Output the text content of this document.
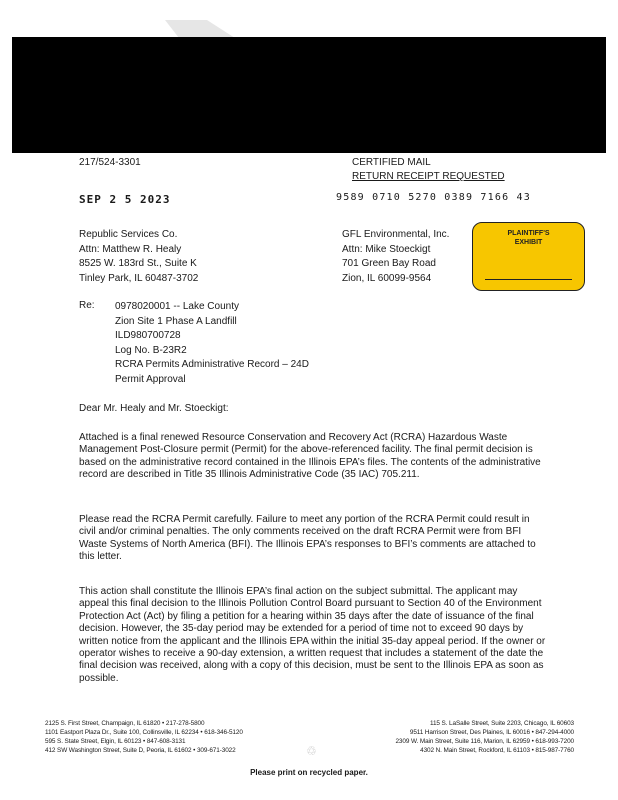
217/524-3301	CERTIFIED MAIL
RETURN RECEIPT REQUESTED
SEP 2 5 2023	9589 0710 5270 0389 7166 43
Republic Services Co.
Attn: Matthew R. Healy
8525 W. 183rd St., Suite K
Tinley Park, IL 60487-3702
GFL Environmental, Inc.
Attn: Mike Stoeckigt
701 Green Bay Road
Zion, IL 60099-9564
PLAINTIFF'S
EXHIBIT
Re: 0978020001 -- Lake County
Zion Site 1 Phase A Landfill
ILD980700728
Log No. B-23R2
RCRA Permits Administrative Record – 24D
Permit Approval
Dear Mr. Healy and Mr. Stoeckigt:
Attached is a final renewed Resource Conservation and Recovery Act (RCRA) Hazardous Waste Management Post-Closure permit (Permit) for the above-referenced facility. The final permit decision is based on the administrative record contained in the Illinois EPA’s files. The contents of the administrative record are described in Title 35 Illinois Administrative Code (35 IAC) 705.211.
Please read the RCRA Permit carefully. Failure to meet any portion of the RCRA Permit could result in civil and/or criminal penalties. The only comments received on the draft RCRA Permit were from BFI Waste Systems of North America (BFI). The Illinois EPA’s responses to BFI’s comments are attached to this letter.
This action shall constitute the Illinois EPA’s final action on the subject submittal. The applicant may appeal this final decision to the Illinois Pollution Control Board pursuant to Section 40 of the Environment Protection Act (Act) by filing a petition for a hearing within 35 days after the date of issuance of the final decision. However, the 35-day period may be extended for a period of time not to exceed 90 days by written notice from the applicant and the Illinois EPA within the initial 35-day appeal period. If the owner or operator wishes to receive a 90-day extension, a written request that includes a statement of the date the final decision was received, along with a copy of this decision, must be sent to the Illinois EPA as soon as possible.
2125 S. First Street, Champaign, IL 61820 • 217-278-5800
1101 Eastport Plaza Dr., Suite 100, Collinsville, IL 62234 • 618-346-5120
595 S. State Street, Elgin, IL 60123 • 847-608-3131
412 SW Washington Street, Suite D, Peoria, IL 61602 • 309-671-3022	♲
115 S. LaSalle Street, Suite 2203, Chicago, IL 60603
9511 Harrison Street, Des Plaines, IL 60016 • 847-294-4000
2309 W. Main Street, Suite 116, Marion, IL 62959 • 618-993-7200
4302 N. Main Street, Rockford, IL 61103 • 815-987-7760
Please print on recycled paper.
